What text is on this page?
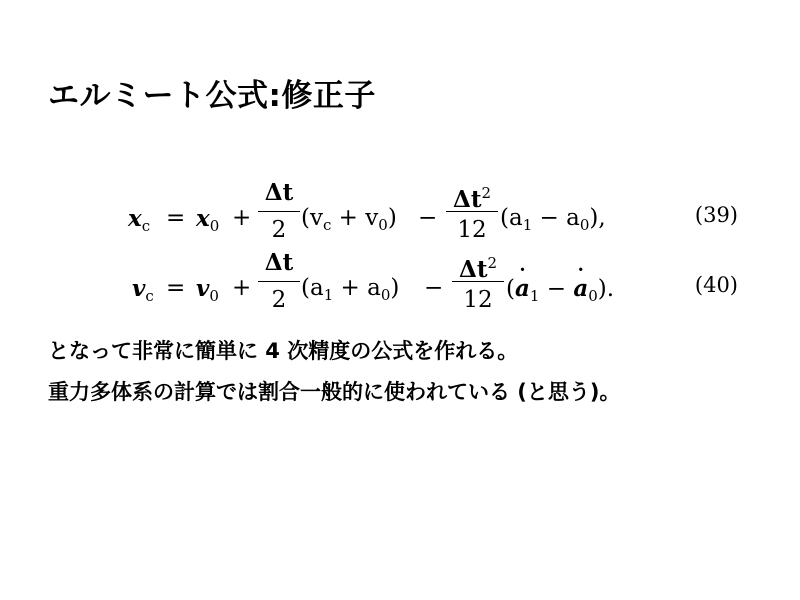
エルミート公式:修正子
$x_c = x_0$ +
Δt
2 $(v_c + v_0)$ −
$\Delta t^2$
12 $(a_1 - a_0)$,	(39)
$v_c = v_0$ +
Δt
2 $(a_1 + a_0)$ −
$\Delta t^2$
12 (˙ $a_1$ − ˙ $a_0$).	(40)
となって非常に簡単に 4 次精度の公式を作れる。
重力多体系の計算では割合一般的に使われている (と思う)。
